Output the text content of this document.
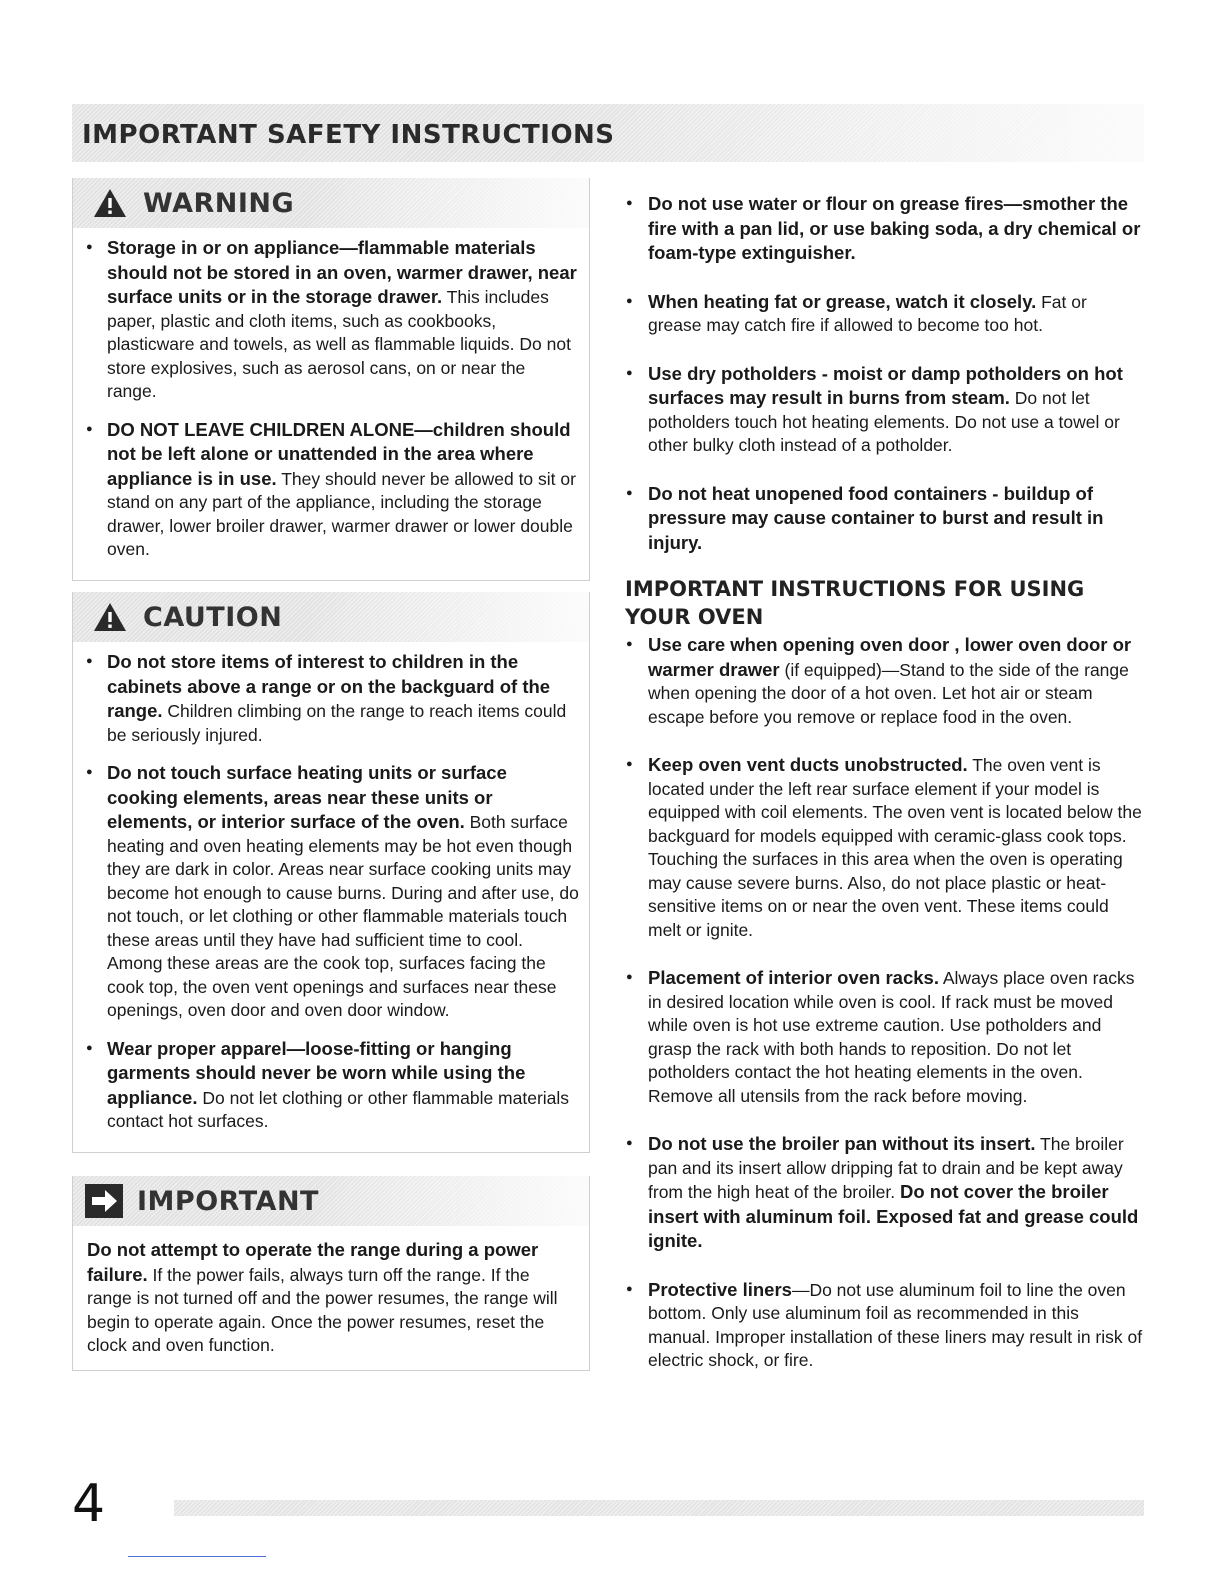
IMPORTANT SAFETY INSTRUCTIONS
WARNING
● Storage in or on appliance—flammable materials should not be stored in an oven, warmer drawer, near surface units or in the storage drawer. This includes paper, plastic and cloth items, such as cookbooks, plasticware and towels, as well as flammable liquids. Do not store explosives, such as aerosol cans, on or near the range.
● DO NOT LEAVE CHILDREN ALONE—children should not be left alone or unattended in the area where appliance is in use. They should never be allowed to sit or stand on any part of the appliance, including the storage drawer, lower broiler drawer, warmer drawer or lower double oven.
CAUTION
● Do not store items of interest to children in the cabinets above a range or on the backguard of the range. Children climbing on the range to reach items could be seriously injured.
● Do not touch surface heating units or surface cooking elements, areas near these units or elements, or interior surface of the oven. Both surface heating and oven heating elements may be hot even though they are dark in color. Areas near surface cooking units may become hot enough to cause burns. During and after use, do not touch, or let clothing or other flammable materials touch these areas until they have had sufficient time to cool. Among these areas are the cook top, surfaces facing the cook top, the oven vent openings and surfaces near these openings, oven door and oven door window.
● Wear proper apparel—loose-fitting or hanging garments should never be worn while using the appliance. Do not let clothing or other flammable materials contact hot surfaces.
IMPORTANT
Do not attempt to operate the range during a power failure. If the power fails, always turn off the range. If the range is not turned off and the power resumes, the range will begin to operate again. Once the power resumes, reset the clock and oven function.
● Do not use water or flour on grease fires—smother the fire with a pan lid, or use baking soda, a dry chemical or foam-type extinguisher.
● When heating fat or grease, watch it closely. Fat or grease may catch fire if allowed to become too hot.
● Use dry potholders - moist or damp potholders on hot surfaces may result in burns from steam. Do not let potholders touch hot heating elements. Do not use a towel or other bulky cloth instead of a potholder.
● Do not heat unopened food containers - buildup of pressure may cause container to burst and result in injury.
IMPORTANT INSTRUCTIONS FOR USING YOUR OVEN
● Use care when opening oven door , lower oven door or warmer drawer (if equipped)—Stand to the side of the range when opening the door of a hot oven. Let hot air or steam escape before you remove or replace food in the oven.
● Keep oven vent ducts unobstructed. The oven vent is located under the left rear surface element if your model is equipped with coil elements. The oven vent is located below the backguard for models equipped with ceramic-glass cook tops. Touching the surfaces in this area when the oven is operating may cause severe burns. Also, do not place plastic or heat-sensitive items on or near the oven vent. These items could melt or ignite.
● Placement of interior oven racks. Always place oven racks in desired location while oven is cool. If rack must be moved while oven is hot use extreme caution. Use potholders and grasp the rack with both hands to reposition. Do not let potholders contact the hot heating elements in the oven. Remove all utensils from the rack before moving.
● Do not use the broiler pan without its insert. The broiler pan and its insert allow dripping fat to drain and be kept away from the high heat of the broiler. Do not cover the broiler insert with aluminum foil. Exposed fat and grease could ignite.
● Protective liners—Do not use aluminum foil to line the oven bottom. Only use aluminum foil as recommended in this manual. Improper installation of these liners may result in risk of electric shock, or fire.
4
